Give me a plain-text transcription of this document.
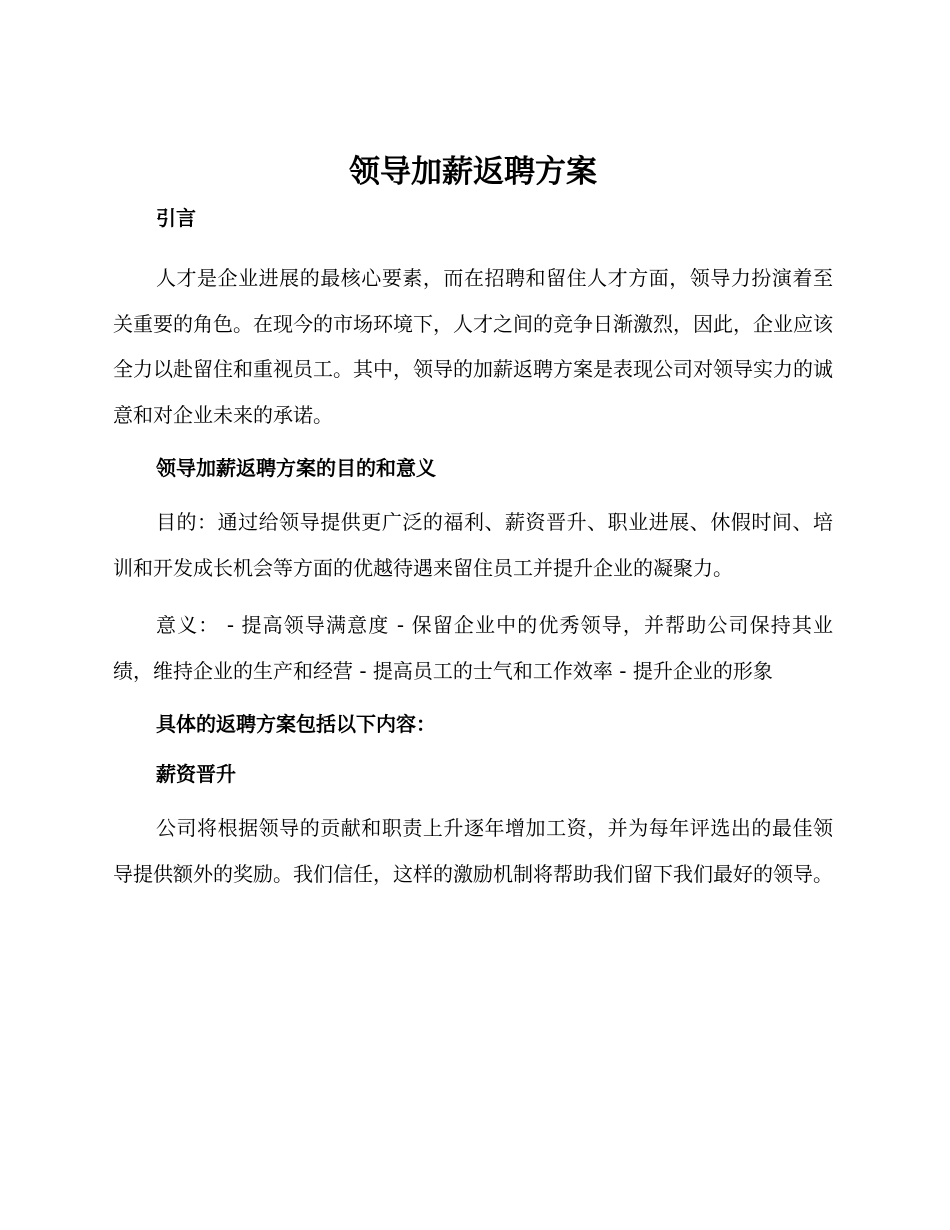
领导加薪返聘方案

引言

人才是企业进展的最核心要素，而在招聘和留住人才方面，领导力扮演着至关重要的角色。在现今的市场环境下，人才之间的竞争日渐激烈，因此，企业应该全力以赴留住和重视员工。其中，领导的加薪返聘方案是表现公司对领导实力的诚意和对企业未来的承诺。

领导加薪返聘方案的目的和意义

目的：通过给领导提供更广泛的福利、薪资晋升、职业进展、休假时间、培训和开发成长机会等方面的优越待遇来留住员工并提升企业的凝聚力。

意义： - 提高领导满意度 - 保留企业中的优秀领导，并帮助公司保持其业绩，维持企业的生产和经营 - 提高员工的士气和工作效率 - 提升企业的形象

具体的返聘方案包括以下内容：

薪资晋升

公司将根据领导的贡献和职责上升逐年增加工资，并为每年评选出的最佳领导提供额外的奖励。我们信任，这样的激励机制将帮助我们留下我们最好的领导。
